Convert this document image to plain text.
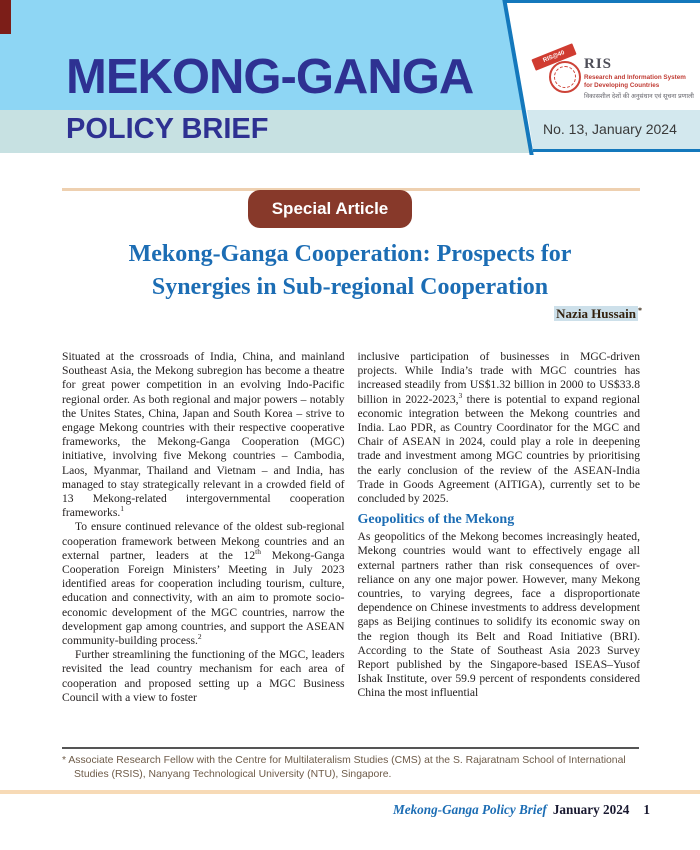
MEKONG-GANGA
POLICY BRIEF	No. 13, January 2024
RIS@40	RIS
Research and Information System
for Developing Countries
विकासशील देशों की अनुसंधान एवं सूचना प्रणाली
Special Article
Mekong-Ganga Cooperation: Prospects for
Synergies in Sub-regional Cooperation
Nazia Hussain *

Situated at the crossroads of India, China, and mainland Southeast Asia, the Mekong subregion has become a theatre for great power competition in an evolving Indo-Pacific regional order. As both regional and major powers – notably the Unites States, China, Japan and South Korea – strive to engage Mekong countries with their respective cooperative frameworks, the Mekong-Ganga Cooperation (MGC) initiative, involving five Mekong countries – Cambodia, Laos, Myanmar, Thailand and Vietnam – and India, has managed to stay strategically relevant in a crowded field of 13 Mekong-related intergovernmental cooperation frameworks.$^1$

To ensure continued relevance of the oldest sub-regional cooperation framework between Mekong countries and an external partner, leaders at the 12th Mekong-Ganga Cooperation Foreign Ministers’ Meeting in July 2023 identified areas for cooperation including tourism, culture, education and connectivity, with an aim to promote socio-economic development of the MGC countries, narrow the development gap among countries, and support the ASEAN community-building process.$^2$

Further streamlining the functioning of the MGC, leaders revisited the lead country mechanism for each area of cooperation and proposed setting up a MGC Business Council with a view to foster

inclusive participation of businesses in MGC-driven projects. While India’s trade with MGC countries has increased steadily from US$1.32 billion in 2000 to US$33.8 billion in 2022-2023,$^3$ there is potential to expand regional economic integration between the Mekong countries and India. Lao PDR, as Country Coordinator for the MGC and Chair of ASEAN in 2024, could play a role in deepening trade and investment among MGC countries by prioritising the early conclusion of the review of the ASEAN-India Trade in Goods Agreement (AITIGA), currently set to be concluded by 2025.

Geopolitics of the Mekong

As geopolitics of the Mekong becomes increasingly heated, Mekong countries would want to effectively engage all external partners rather than risk consequences of over-reliance on any one major power. However, many Mekong countries, to varying degrees, face a disproportionate dependence on Chinese investments to address development gaps as Beijing continues to solidify its economic sway on the region though its Belt and Road Initiative (BRI). According to the State of Southeast Asia 2023 Survey Report published by the Singapore-based ISEAS–Yusof Ishak Institute, over 59.9 percent of respondents considered China the most influential

* Associate Research Fellow with the Centre for Multilateralism Studies (CMS) at the S. Rajaratnam School of International Studies (RSIS), Nanyang Technological University (NTU), Singapore.
Mekong-Ganga Policy Brief January 2024 1
